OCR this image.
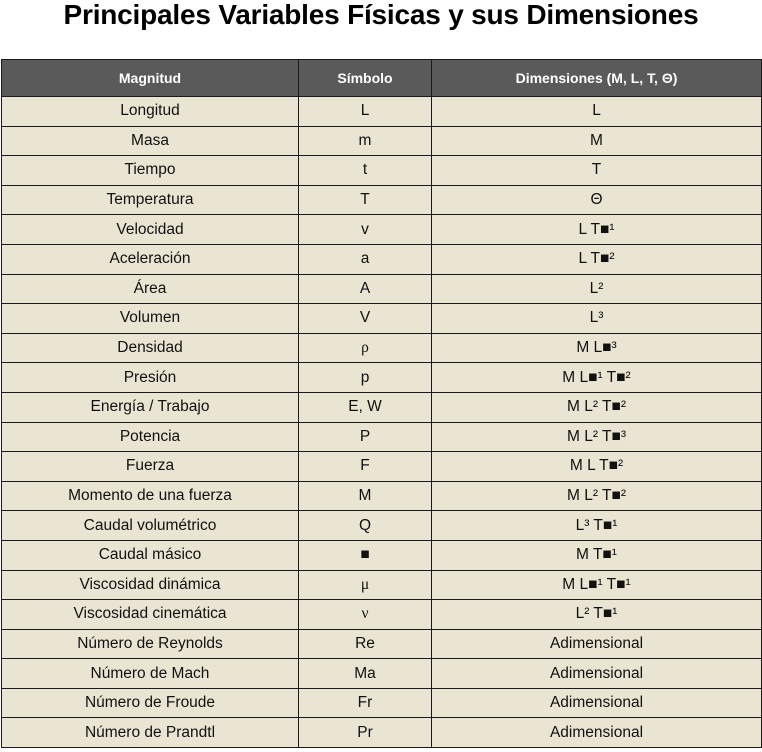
Principales Variables Físicas y sus Dimensiones
Magnitud	Símbolo	Dimensiones (M, L, T, Θ)
Longitud	L	L
Masa	m	M
Tiempo	t	T
Temperatura	T	Θ
Velocidad	v	L T■¹
Aceleración	a	L T■²
Área	A	L²
Volumen	V	L³
Densidad	ρ	M L■³
Presión	p	M L■¹ T■²
Energía / Trabajo	E, W	M L² T■²
Potencia	P	M L² T■³
Fuerza	F	M L T■²
Momento de una fuerza	M	M L² T■²
Caudal volumétrico	Q	L³ T■¹
Caudal másico	■	M T■¹
Viscosidad dinámica	μ	M L■¹ T■¹
Viscosidad cinemática	ν	L² T■¹
Número de Reynolds	Re	Adimensional
Número de Mach	Ma	Adimensional
Número de Froude	Fr	Adimensional
Número de Prandtl	Pr	Adimensional
